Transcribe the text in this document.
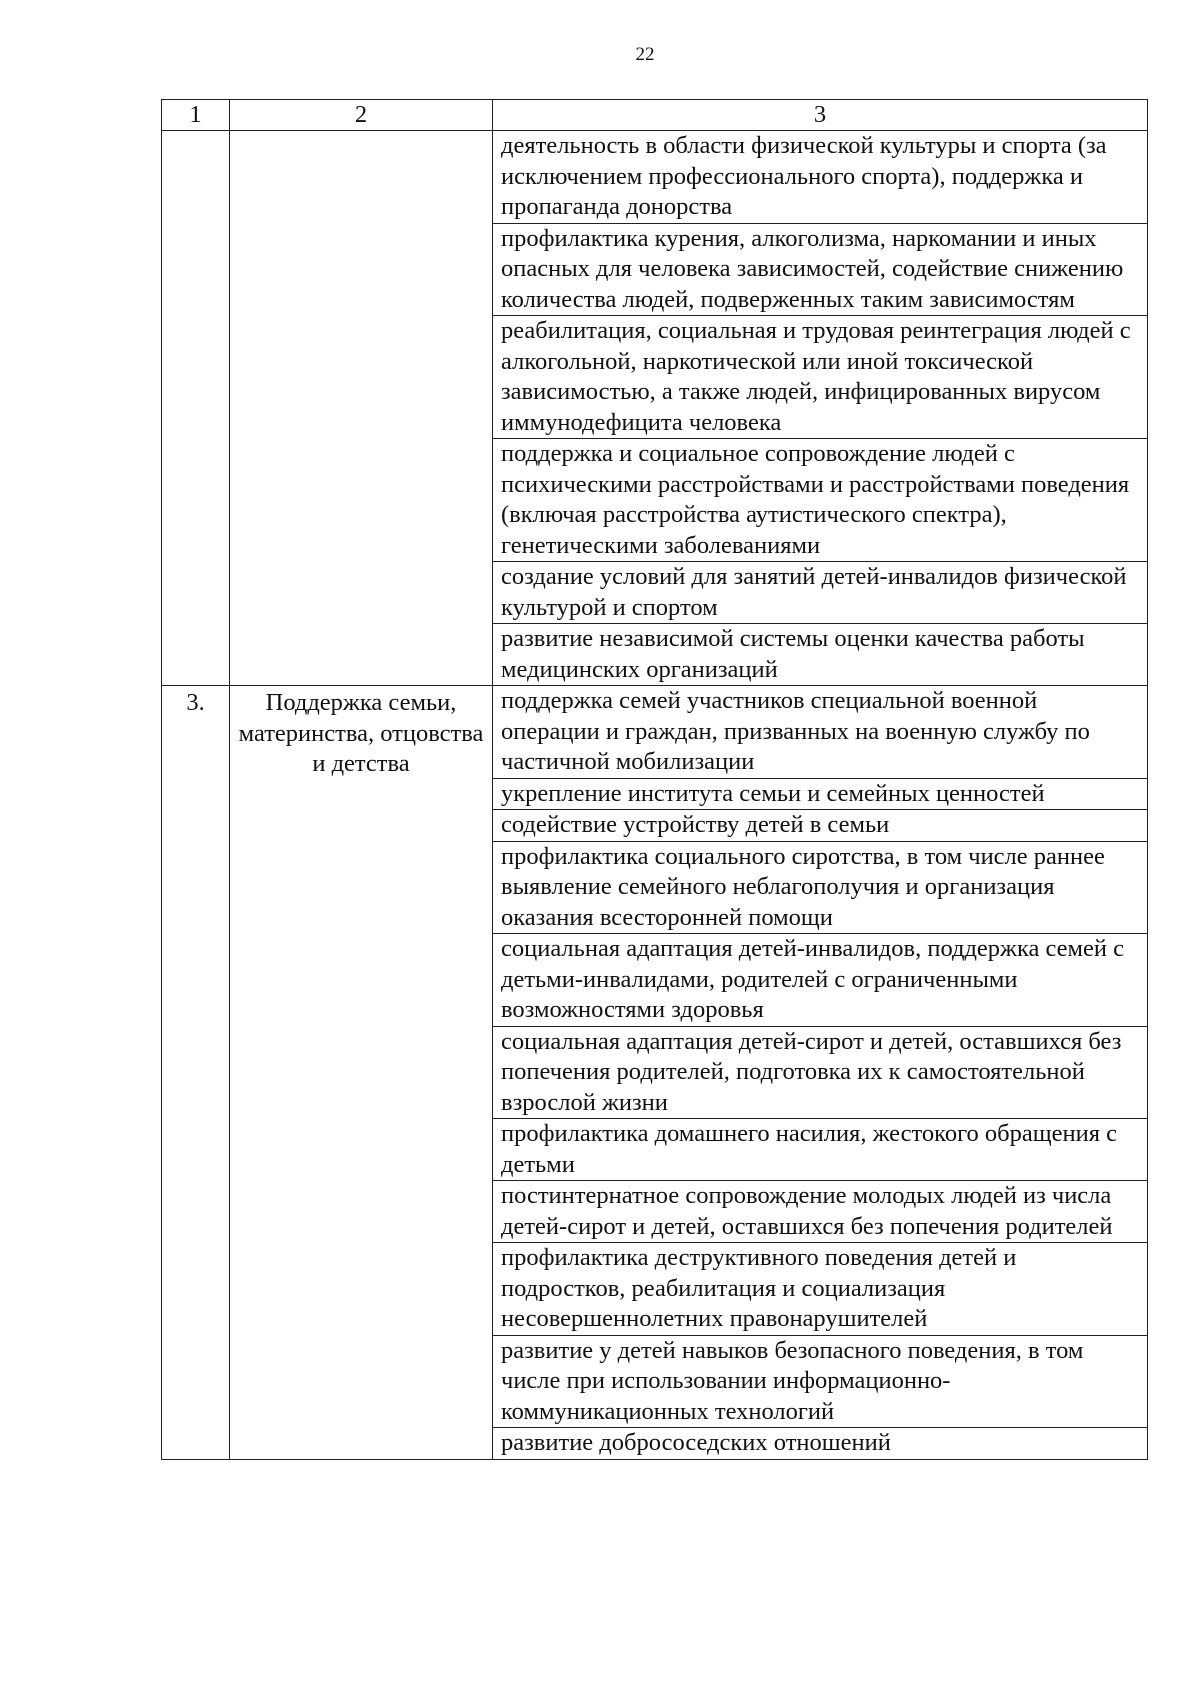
22
1	2	3
		деятельность в области физической культуры и спорта (за исключением профессионального спорта), поддержка и пропаганда донорства
		профилактика курения, алкоголизма, наркомании и иных опасных для человека зависимостей, содействие снижению количества людей, подверженных таким зависимостям
		реабилитация, социальная и трудовая реинтеграция людей с алкогольной, наркотической или иной токсической зависимостью, а также людей, инфицированных вирусом иммунодефицита человека
		поддержка и социальное сопровождение людей с психическими расстройствами и расстройствами поведения (включая расстройства аутистического спектра), генетическими заболеваниями
		создание условий для занятий детей-инвалидов физической культурой и спортом
		развитие независимой системы оценки качества работы медицинских организаций
3.	Поддержка семьи, материнства, отцовства и детства	поддержка семей участников специальной военной операции и граждан, призванных на военную службу по частичной мобилизации
		укрепление института семьи и семейных ценностей
		содействие устройству детей в семьи
		профилактика социального сиротства, в том числе раннее выявление семейного неблагополучия и организация оказания всесторонней помощи
		социальная адаптация детей-инвалидов, поддержка семей с детьми-инвалидами, родителей с ограниченными возможностями здоровья
		социальная адаптация детей-сирот и детей, оставшихся без попечения родителей, подготовка их к самостоятельной взрослой жизни
		профилактика домашнего насилия, жестокого обращения с детьми
		постинтернатное сопровождение молодых людей из числа детей-сирот и детей, оставшихся без попечения родителей
		профилактика деструктивного поведения детей и подростков, реабилитация и социализация несовершеннолетних правонарушителей
		развитие у детей навыков безопасного поведения, в том числе при использовании информационно-коммуникационных технологий
		развитие добрососедских отношений
